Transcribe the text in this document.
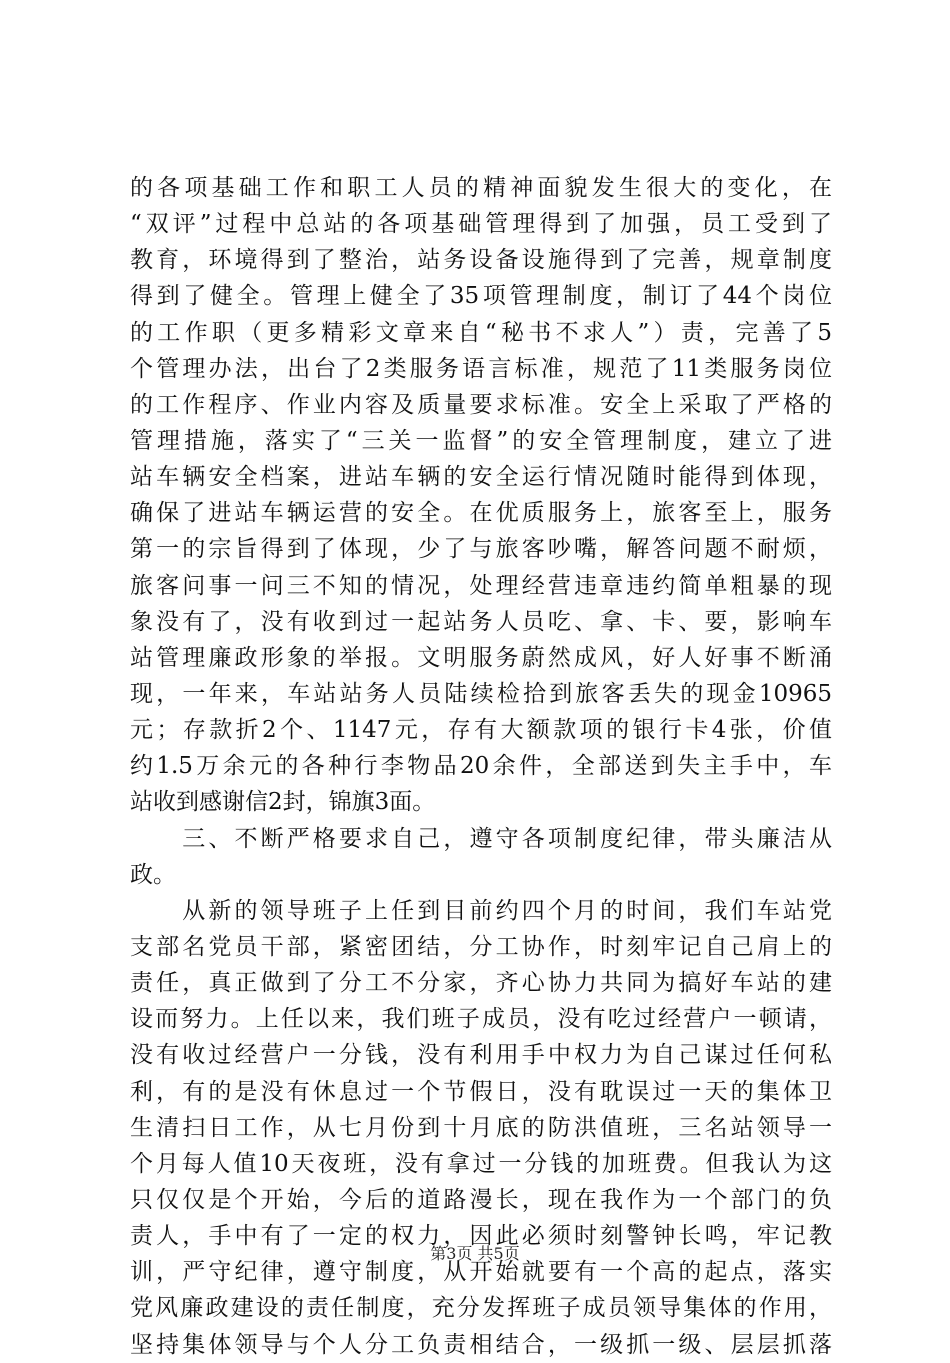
的各项基础工作和职工人员的精神面貌发生很大的变化，在
“双评”过程中总站的各项基础管理得到了加强，员工受到了
教育，环境得到了整治，站务设备设施得到了完善，规章制度
得到了健全。管理上健全了35项管理制度，制订了44个岗位
的工作职（更多精彩文章来自“秘书不求人”）责，完善了5
个管理办法，出台了2类服务语言标准，规范了11类服务岗位
的工作程序、作业内容及质量要求标准。安全上采取了严格的
管理措施，落实了“三关一监督”的安全管理制度，建立了进
站车辆安全档案，进站车辆的安全运行情况随时能得到体现，
确保了进站车辆运营的安全。在优质服务上，旅客至上，服务
第一的宗旨得到了体现，少了与旅客吵嘴，解答问题不耐烦，
旅客问事一问三不知的情况，处理经营违章违约简单粗暴的现
象没有了，没有收到过一起站务人员吃、拿、卡、要，影响车
站管理廉政形象的举报。文明服务蔚然成风，好人好事不断涌
现，一年来，车站站务人员陆续检拾到旅客丢失的现金10965
元；存款折2个、1147元，存有大额款项的银行卡4张，价值
约1.5万余元的各种行李物品20余件，全部送到失主手中，车
站收到感谢信2封，锦旗3面。
　　三、不断严格要求自己，遵守各项制度纪律，带头廉洁从
政。
　　从新的领导班子上任到目前约四个月的时间，我们车站党
支部名党员干部，紧密团结，分工协作，时刻牢记自己肩上的
责任，真正做到了分工不分家，齐心协力共同为搞好车站的建
设而努力。上任以来，我们班子成员，没有吃过经营户一顿请，
没有收过经营户一分钱，没有利用手中权力为自己谋过任何私
利，有的是没有休息过一个节假日，没有耽误过一天的集体卫
生清扫日工作，从七月份到十月底的防洪值班，三名站领导一
个月每人值10天夜班，没有拿过一分钱的加班费。但我认为这
只仅仅是个开始，今后的道路漫长，现在我作为一个部门的负
责人，手中有了一定的权力，因此必须时刻警钟长鸣，牢记教
训，严守纪律，遵守制度，从开始就要有一个高的起点，落实
党风廉政建设的责任制度，充分发挥班子成员领导集体的作用，
坚持集体领导与个人分工负责相结合，一级抓一级、层层抓落
第3页 共5页
